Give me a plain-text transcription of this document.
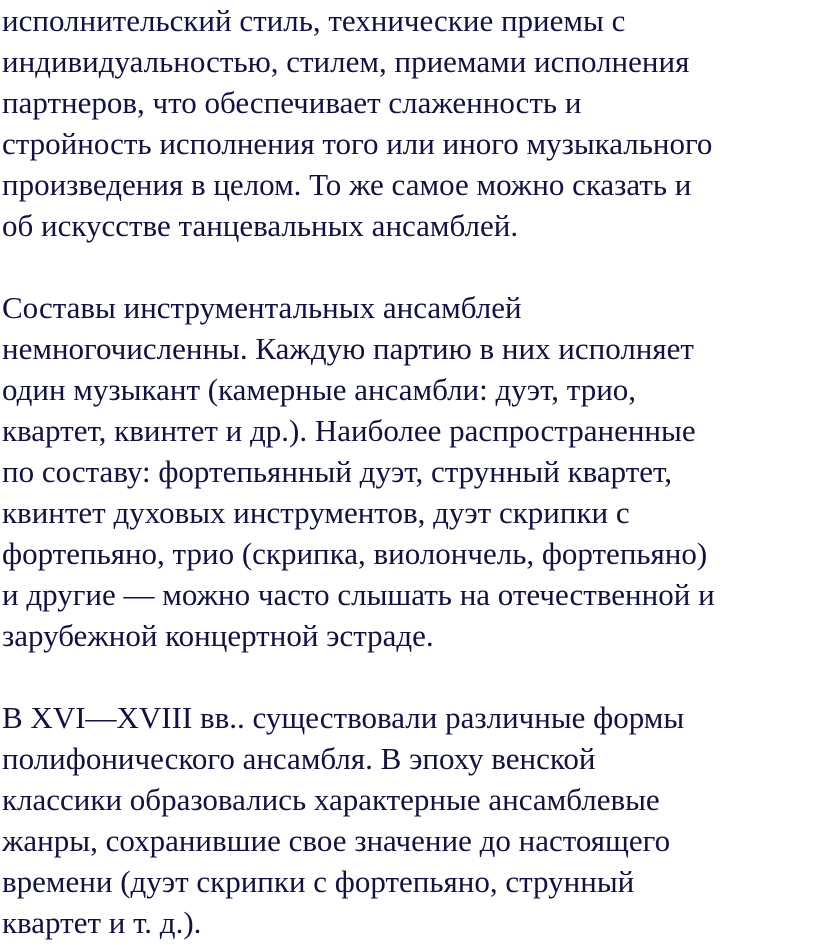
исполнительский стиль, технические приемы с
индивидуальностью, стилем, приемами исполнения
партнеров, что обеспечивает слаженность и
стройность исполнения того или иного музыкального
произведения в целом. То же самое можно сказать и
об искусстве танцевальных ансамблей.
Составы инструментальных ансамблей
немногочисленны. Каждую партию в них исполняет
один музыкант (камерные ансамбли: дуэт, трио,
квартет, квинтет и др.). Наиболее распространенные
по составу: фортепьянный дуэт, струнный квартет,
квинтет духовых инструментов, дуэт скрипки с
фортепьяно, трио (скрипка, виолончель, фортепьяно)
и другие — можно часто слышать на отечественной и
зарубежной концертной эстраде.
В XVI—XVIII вв.. существовали различные формы
полифонического ансамбля. В эпоху венской
классики образовались характерные ансамблевые
жанры, сохранившие свое значение до настоящего
времени (дуэт скрипки с фортепьяно, струнный
квартет и т. д.).
